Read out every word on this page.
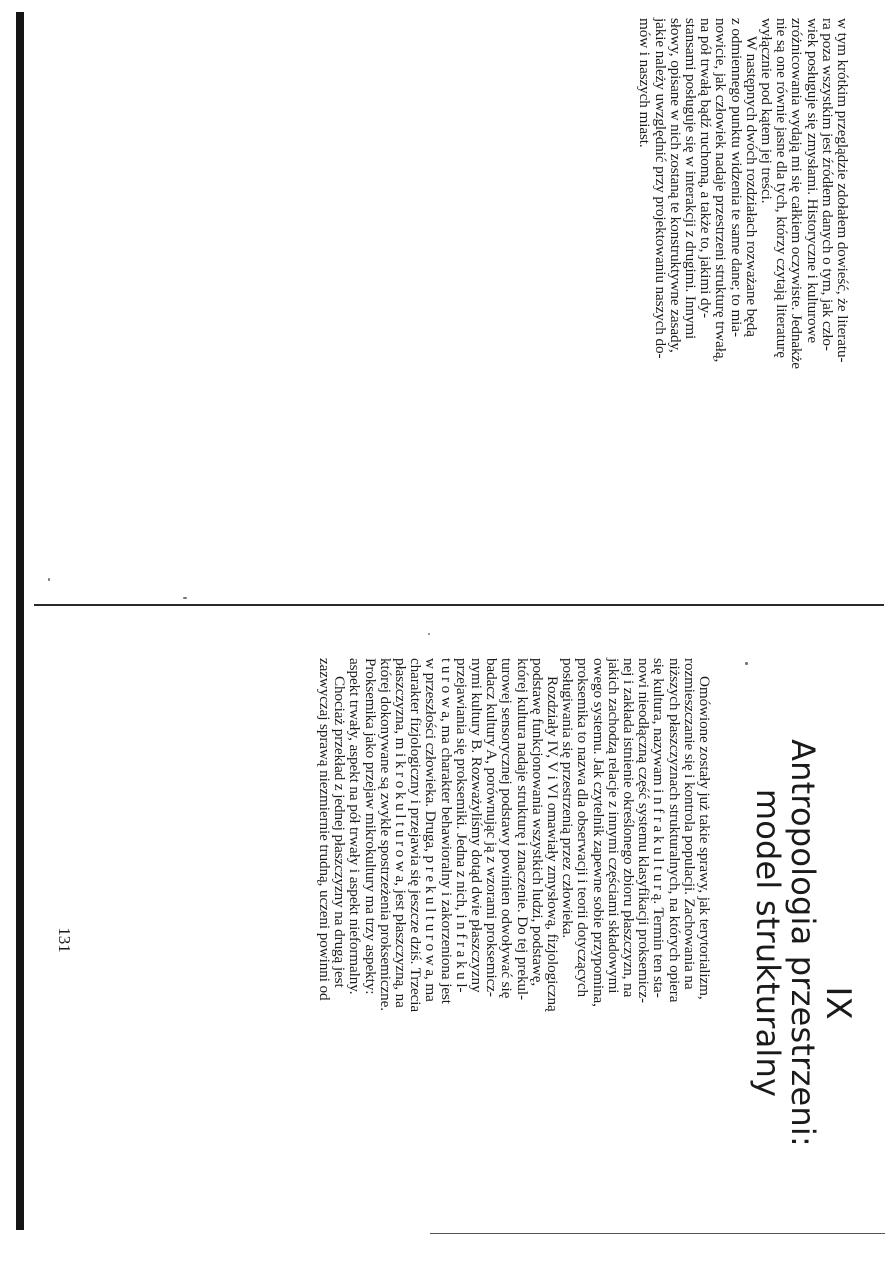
w tym krótkim przeglądzie zdołałem dowieść, że literatu-
ra poza wszystkim jest źródłem danych o tym, jak czło-
wiek posługuje się zmysłami. Historyczne i kulturowe
zróżnicowania wydają mi się całkiem oczywiste. Jednakże
nie są one równie jasne dla tych, którzy czytają literaturę
wyłącznie pod kątem jej treści.

W następnych dwóch rozdziałach rozważane będą
z odmiennego punktu widzenia te same dane; to mia-
nowicie, jak człowiek nadaje przestrzeni strukturę trwałą,
na pół trwałą bądź ruchomą, a także to, jakimi dy-
stansami posługuje się w interakcji z drugimi. Innymi
słowy, opisane w nich zostaną te konstruktywne zasady,
jakie należy uwzględnić przy projektowaniu naszych do-
mów i naszych miast.

IX

Antropologia przestrzeni:

model strukturalny

Omówione zostały już takie sprawy, jak terytorializm,
rozmieszczanie się i kontrola populacji. Zachowania na
niższych płaszczyznach strukturalnych, na których opiera
się kultura, nazywam i n f r a k u l t u r ą. Termin ten sta-
nowi nieodłączną część systemu klasyfikacji proksemicz-
nej i zakłada istnienie określonego zbioru płaszczyzn, na
jakich zachodzą relacje z innymi częściami składowymi
owego systemu. Jak czytelnik zapewne sobie przypomina,
proksemika to nazwa dla obserwacji i teorii dotyczących
posługiwania się przestrzenią przez człowieka.

Rozdziały IV, V i VI omawiały zmysłową, fizjologiczną
podstawę funkcjonowania wszystkich ludzi, podstawę,
której kultura nadaje strukturę i znaczenie. Do tej prekul-
turowej sensorycznej podstawy powinien odwoływać się
badacz kultury A, porównując ją z wzorami proksemicz-
nymi kultury B. Rozważyliśmy dotąd dwie płaszczyzny
przejawiania się proksemiki. Jedna z nich, i n f r a k u l-
t u r o w a, ma charakter behawioralny i zakorzeniona jest
w przeszłości człowieka. Druga, p r e k u l t u r o w a, ma
charakter fizjologiczny i przejawia się jeszcze dziś. Trzecia
płaszczyzna, m i k r o k u l t u r o w a, jest płaszczyzną, na
której dokonywane są zwykle spostrzeżenia proksemiczne.
Proksemika jako przejaw mikrokultury ma trzy aspekty:
aspekt trwały, aspekt na pół trwały i aspekt nieformalny.

Chociaż przekład z jednej płaszczyzny na drugą jest
zazwyczaj sprawą niezmiernie trudną, uczeni powinni od

131
